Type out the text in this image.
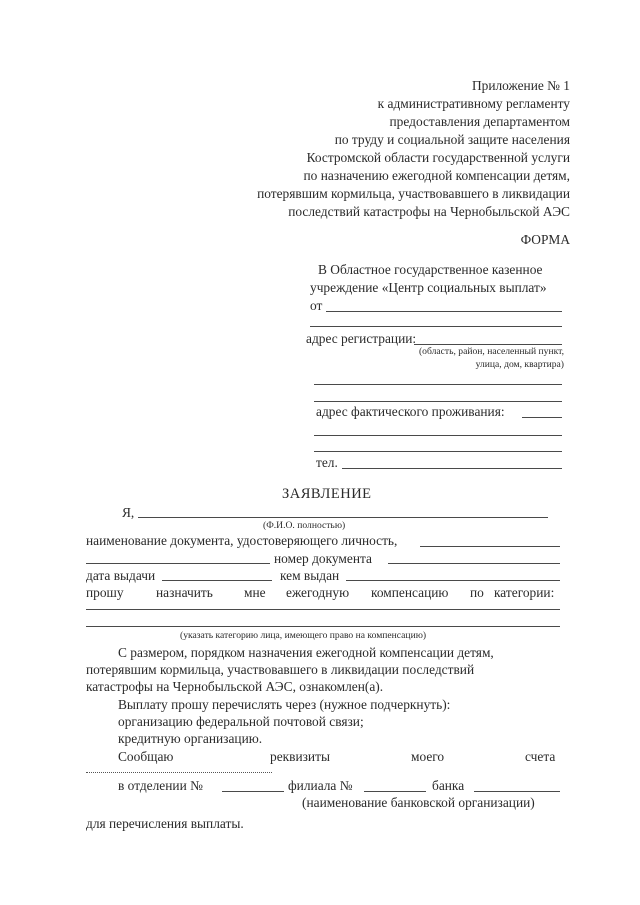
Приложение № 1
к административному регламенту
предоставления департаментом
по труду и социальной защите населения
Костромской области государственной услуги
по назначению ежегодной компенсации детям,
потерявшим кормильца, участвовавшего в ликвидации
последствий катастрофы на Чернобыльской АЭС
ФОРМА
В Областное государственное казенное
учреждение «Центр социальных выплат»
от
адрес регистрации:
(область, район, населенный пункт,
улица, дом, квартира)
адрес фактического проживания:
тел.
ЗАЯВЛЕНИЕ
Я,
(Ф.И.О. полностью)
наименование документа, удостоверяющего личность,
номер документа
дата выдачи	кем выдан
прошу назначить мне ежегодную компенсацию по категории:
(указать категорию лица, имеющего право на компенсацию)
С размером, порядком назначения ежегодной компенсации детям,
потерявшим кормильца, участвовавшего в ликвидации последствий
катастрофы на Чернобыльской АЭС, ознакомлен(а).
Выплату прошу перечислять через (нужное подчеркнуть):
организацию федеральной почтовой связи;
кредитную организацию.
Сообщаю	реквизиты	моего	счета
в отделении №	филиала №	банка
(наименование банковской организации)
для перечисления выплаты.
